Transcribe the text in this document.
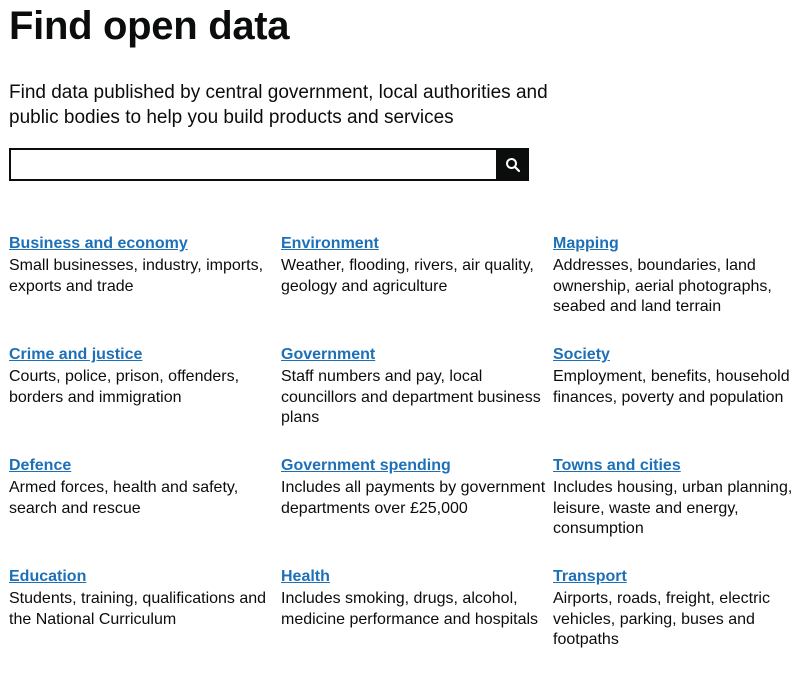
Find open data

Find data published by central government, local authorities and public bodies to help you build products and services

Business and economy

Small businesses, industry, imports, exports and trade

Environment

Weather, flooding, rivers, air quality, geology and agriculture

Mapping

Addresses, boundaries, land ownership, aerial photographs, seabed and land terrain

Crime and justice

Courts, police, prison, offenders, borders and immigration

Government

Staff numbers and pay, local councillors and department business plans

Society

Employment, benefits, household finances, poverty and population

Defence

Armed forces, health and safety, search and rescue

Government spending

Includes all payments by government departments over £25,000

Towns and cities

Includes housing, urban planning, leisure, waste and energy, consumption

Education

Students, training, qualifications and the National Curriculum

Health

Includes smoking, drugs, alcohol, medicine performance and hospitals

Transport

Airports, roads, freight, electric vehicles, parking, buses and footpaths
